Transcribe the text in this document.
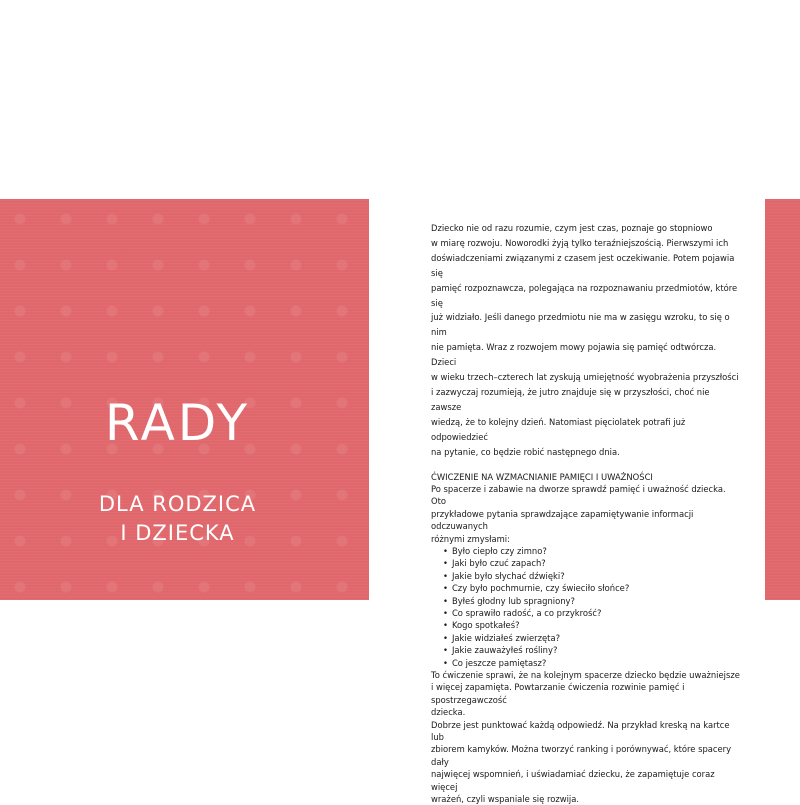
RADY
DLA RODZICA
I DZIECKA

Dziecko nie od razu rozumie, czym jest czas, poznaje go stopniowo

w miarę rozwoju. Noworodki żyją tylko teraźniejszością. Pierwszymi ich

doświadczeniami związanymi z czasem jest oczekiwanie. Potem pojawia się

pamięć rozpoznawcza, polegająca na rozpoznawaniu przedmiotów, które się

już widziało. Jeśli danego przedmiotu nie ma w zasięgu wzroku, to się o nim

nie pamięta. Wraz z rozwojem mowy pojawia się pamięć odtwórcza. Dzieci

w wieku trzech–czterech lat zyskują umiejętność wyobrażenia przyszłości

i zazwyczaj rozumieją, że jutro znajduje się w przyszłości, choć nie zawsze

wiedzą, że to kolejny dzień. Natomiast pięciolatek potrafi już odpowiedzieć

na pytanie, co będzie robić następnego dnia.

ĆWICZENIE NA WZMACNIANIE PAMIĘCI I UWAŻNOŚCI

Po spacerze i zabawie na dworze sprawdź pamięć i uważność dziecka. Oto

przykładowe pytania sprawdzające zapamiętywanie informacji odczuwanych

różnymi zmysłami:

• Było ciepło czy zimno?
• Jaki było czuć zapach?
• Jakie było słychać dźwięki?
• Czy było pochmurnie, czy świeciło słońce?
• Byłeś głodny lub spragniony?
• Co sprawiło radość, a co przykrość?
• Kogo spotkałeś?
• Jakie widziałeś zwierzęta?
• Jakie zauważyłeś rośliny?
• Co jeszcze pamiętasz?

To ćwiczenie sprawi, że na kolejnym spacerze dziecko będzie uważniejsze

i więcej zapamięta. Powtarzanie ćwiczenia rozwinie pamięć i spostrzegawczość

dziecka.

Dobrze jest punktować każdą odpowiedź. Na przykład kreską na kartce lub

zbiorem kamyków. Można tworzyć ranking i porównywać, które spacery dały

najwięcej wspomnień, i uświadamiać dziecku, że zapamiętuje coraz więcej

wrażeń, czyli wspaniale się rozwija.
